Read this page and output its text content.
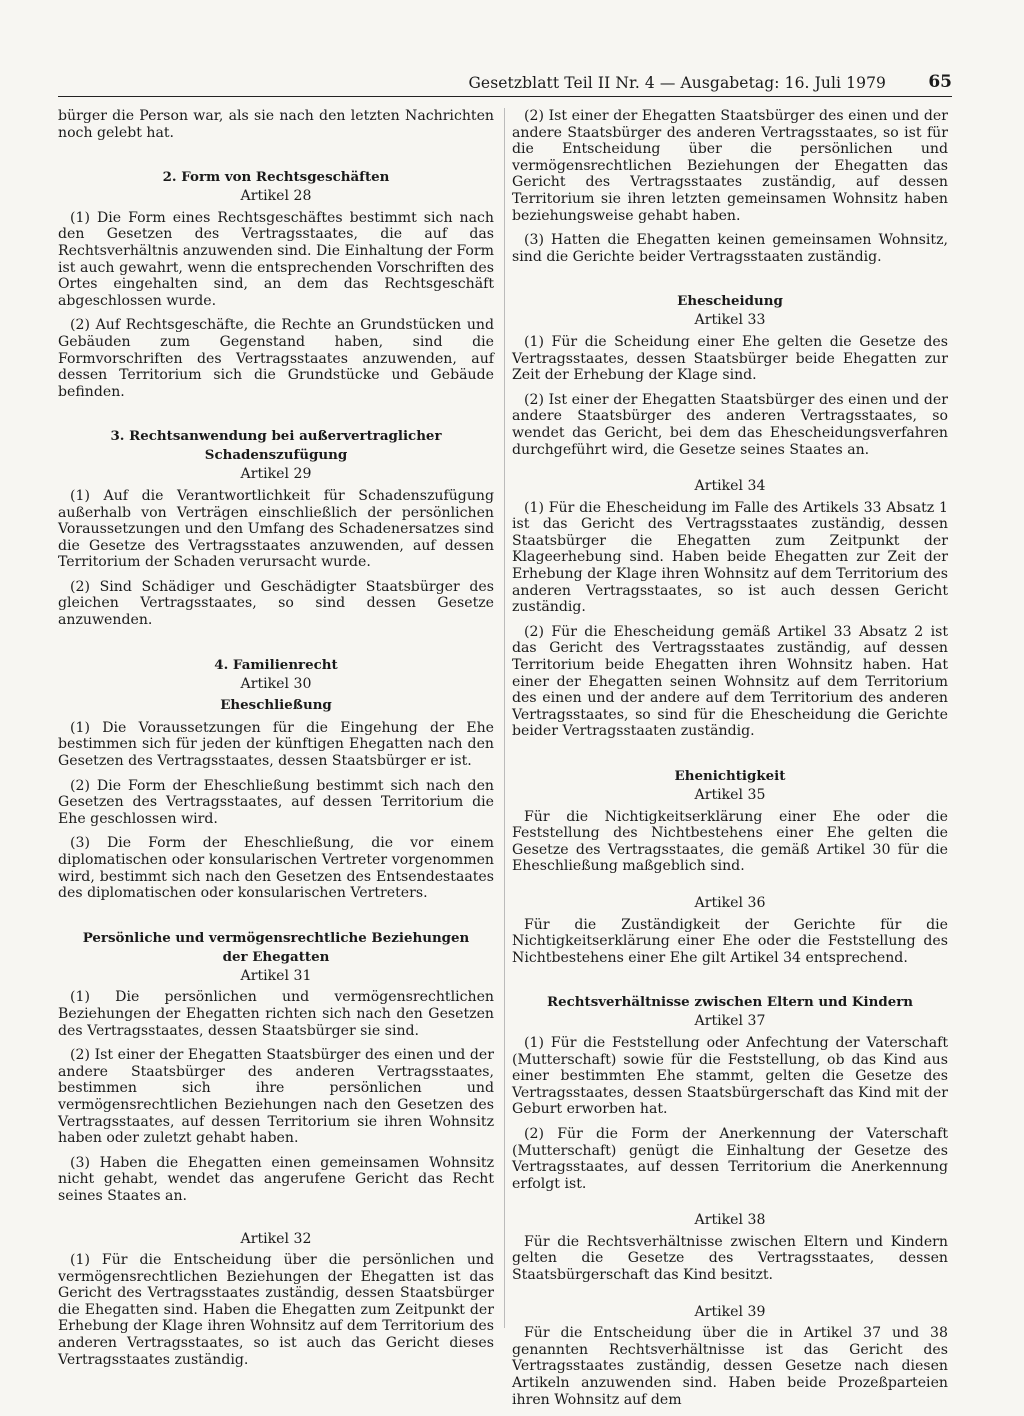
Gesetzblatt Teil II Nr. 4 — Ausgabetag: 16. Juli 1979 65

bürger die Person war, als sie nach den letzten Nachrichten noch gelebt hat.

2. Form von Rechtsgeschäften
Artikel 28

(1) Die Form eines Rechtsgeschäftes bestimmt sich nach den Gesetzen des Vertragsstaates, die auf das Rechtsverhältnis anzuwenden sind. Die Einhaltung der Form ist auch gewahrt, wenn die entsprechenden Vorschriften des Ortes eingehalten sind, an dem das Rechtsgeschäft abgeschlossen wurde.

(2) Auf Rechtsgeschäfte, die Rechte an Grundstücken und Gebäuden zum Gegenstand haben, sind die Formvorschriften des Vertragsstaates anzuwenden, auf dessen Territorium sich die Grundstücke und Gebäude befinden.

3. Rechtsanwendung bei außervertraglicher
Schadenszufügung
Artikel 29

(1) Auf die Verantwortlichkeit für Schadenszufügung außerhalb von Verträgen einschließlich der persönlichen Voraussetzungen und den Umfang des Schadenersatzes sind die Gesetze des Vertragsstaates anzuwenden, auf dessen Territorium der Schaden verursacht wurde.

(2) Sind Schädiger und Geschädigter Staatsbürger des gleichen Vertragsstaates, so sind dessen Gesetze anzuwenden.

4. Familienrecht
Artikel 30
Eheschließung

(1) Die Voraussetzungen für die Eingehung der Ehe bestimmen sich für jeden der künftigen Ehegatten nach den Gesetzen des Vertragsstaates, dessen Staatsbürger er ist.

(2) Die Form der Eheschließung bestimmt sich nach den Gesetzen des Vertragsstaates, auf dessen Territorium die Ehe geschlossen wird.

(3) Die Form der Eheschließung, die vor einem diplomatischen oder konsularischen Vertreter vorgenommen wird, bestimmt sich nach den Gesetzen des Entsendestaates des diplomatischen oder konsularischen Vertreters.

Persönliche und vermögensrechtliche Beziehungen
der Ehegatten
Artikel 31

(1) Die persönlichen und vermögensrechtlichen Beziehungen der Ehegatten richten sich nach den Gesetzen des Vertragsstaates, dessen Staatsbürger sie sind.

(2) Ist einer der Ehegatten Staatsbürger des einen und der andere Staatsbürger des anderen Vertragsstaates, bestimmen sich ihre persönlichen und vermögensrechtlichen Beziehungen nach den Gesetzen des Vertragsstaates, auf dessen Territorium sie ihren Wohnsitz haben oder zuletzt gehabt haben.

(3) Haben die Ehegatten einen gemeinsamen Wohnsitz nicht gehabt, wendet das angerufene Gericht das Recht seines Staates an.

Artikel 32

(1) Für die Entscheidung über die persönlichen und vermögensrechtlichen Beziehungen der Ehegatten ist das Gericht des Vertragsstaates zuständig, dessen Staatsbürger die Ehegatten sind. Haben die Ehegatten zum Zeitpunkt der Erhebung der Klage ihren Wohnsitz auf dem Territorium des anderen Vertragsstaates, so ist auch das Gericht dieses Vertragsstaates zuständig.

(2) Ist einer der Ehegatten Staatsbürger des einen und der andere Staatsbürger des anderen Vertragsstaates, so ist für die Entscheidung über die persönlichen und vermögensrechtlichen Beziehungen der Ehegatten das Gericht des Vertragsstaates zuständig, auf dessen Territorium sie ihren letzten gemeinsamen Wohnsitz haben beziehungsweise gehabt haben.

(3) Hatten die Ehegatten keinen gemeinsamen Wohnsitz, sind die Gerichte beider Vertragsstaaten zuständig.

Ehescheidung
Artikel 33

(1) Für die Scheidung einer Ehe gelten die Gesetze des Vertragsstaates, dessen Staatsbürger beide Ehegatten zur Zeit der Erhebung der Klage sind.

(2) Ist einer der Ehegatten Staatsbürger des einen und der andere Staatsbürger des anderen Vertragsstaates, so wendet das Gericht, bei dem das Ehescheidungsverfahren durchgeführt wird, die Gesetze seines Staates an.

Artikel 34

(1) Für die Ehescheidung im Falle des Artikels 33 Absatz 1 ist das Gericht des Vertragsstaates zuständig, dessen Staatsbürger die Ehegatten zum Zeitpunkt der Klageerhebung sind. Haben beide Ehegatten zur Zeit der Erhebung der Klage ihren Wohnsitz auf dem Territorium des anderen Vertragsstaates, so ist auch dessen Gericht zuständig.

(2) Für die Ehescheidung gemäß Artikel 33 Absatz 2 ist das Gericht des Vertragsstaates zuständig, auf dessen Territorium beide Ehegatten ihren Wohnsitz haben. Hat einer der Ehegatten seinen Wohnsitz auf dem Territorium des einen und der andere auf dem Territorium des anderen Vertragsstaates, so sind für die Ehescheidung die Gerichte beider Vertragsstaaten zuständig.

Ehenichtigkeit
Artikel 35

Für die Nichtigkeitserklärung einer Ehe oder die Feststellung des Nichtbestehens einer Ehe gelten die Gesetze des Vertragsstaates, die gemäß Artikel 30 für die Eheschließung maßgeblich sind.

Artikel 36

Für die Zuständigkeit der Gerichte für die Nichtigkeitserklärung einer Ehe oder die Feststellung des Nichtbestehens einer Ehe gilt Artikel 34 entsprechend.

Rechtsverhältnisse zwischen Eltern und Kindern
Artikel 37

(1) Für die Feststellung oder Anfechtung der Vaterschaft (Mutterschaft) sowie für die Feststellung, ob das Kind aus einer bestimmten Ehe stammt, gelten die Gesetze des Vertragsstaates, dessen Staatsbürgerschaft das Kind mit der Geburt erworben hat.

(2) Für die Form der Anerkennung der Vaterschaft (Mutterschaft) genügt die Einhaltung der Gesetze des Vertragsstaates, auf dessen Territorium die Anerkennung erfolgt ist.

Artikel 38

Für die Rechtsverhältnisse zwischen Eltern und Kindern gelten die Gesetze des Vertragsstaates, dessen Staatsbürgerschaft das Kind besitzt.

Artikel 39

Für die Entscheidung über die in Artikel 37 und 38 genannten Rechtsverhältnisse ist das Gericht des Vertragsstaates zuständig, dessen Gesetze nach diesen Artikeln anzuwenden sind. Haben beide Prozeßparteien ihren Wohnsitz auf dem
